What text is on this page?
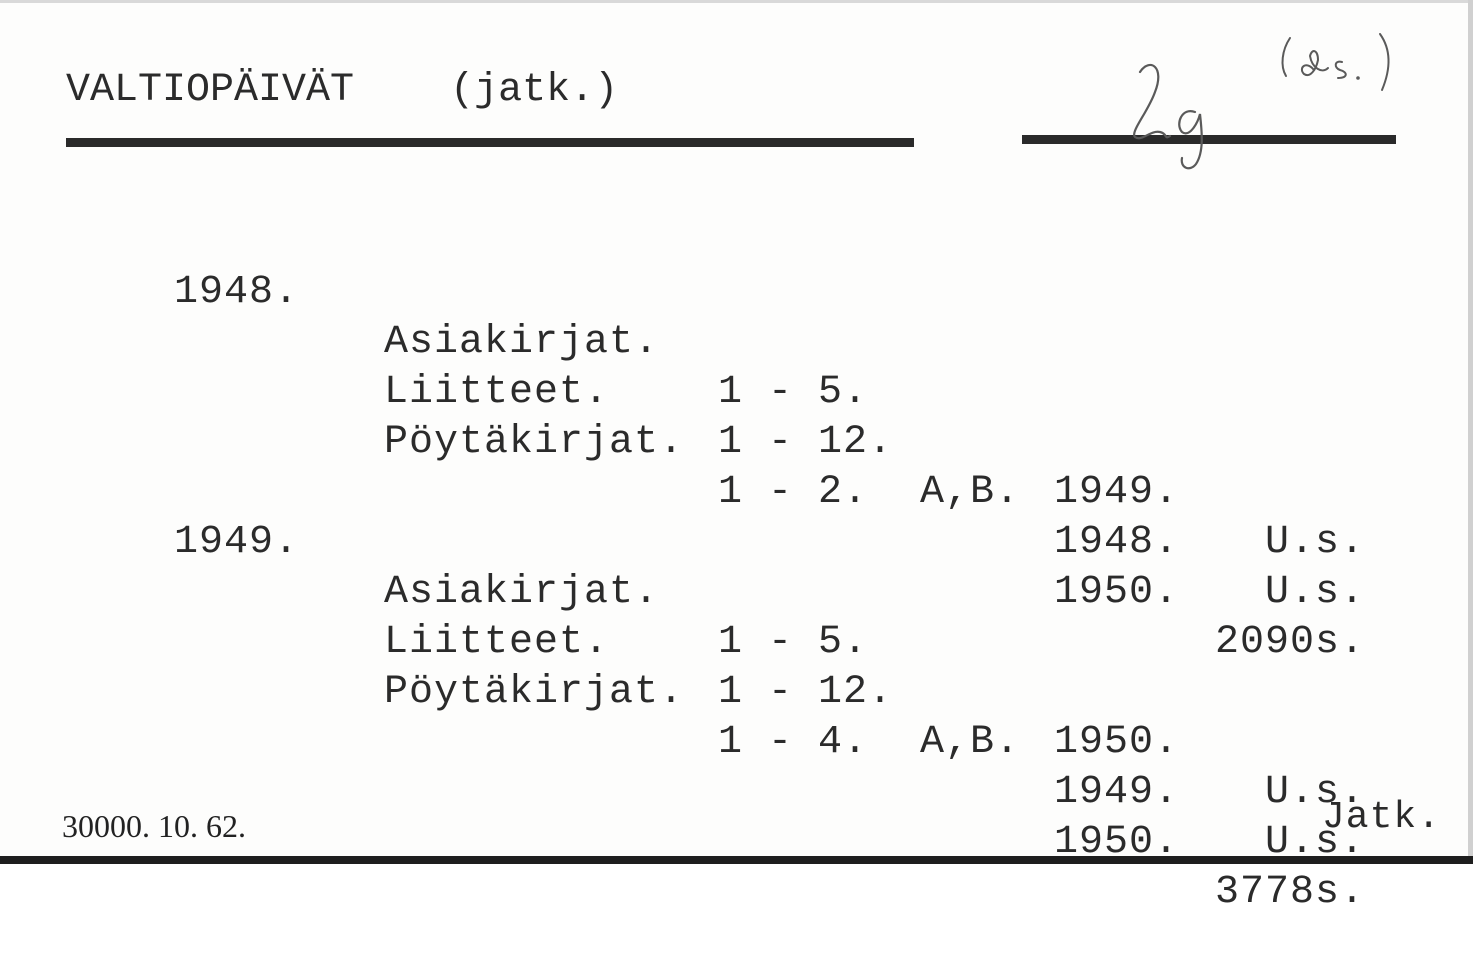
VALTIOPÄIVÄT (jatk.)

1948.

Asiakirjat.

1 - 5.

1949.

U.s.

Liitteet.

1 - 12.

A,B.

1948.

U.s.

Pöytäkirjat.

1 - 2.

1950.

2090s.

1949.

Asiakirjat.

1 - 5.

1950.

U.s.

Liitteet.

1 - 12.

A,B.

1949.

U.s.

Pöytäkirjat.

1 - 4.

1950.

3778s.

30000. 10. 62.	Jatk.
